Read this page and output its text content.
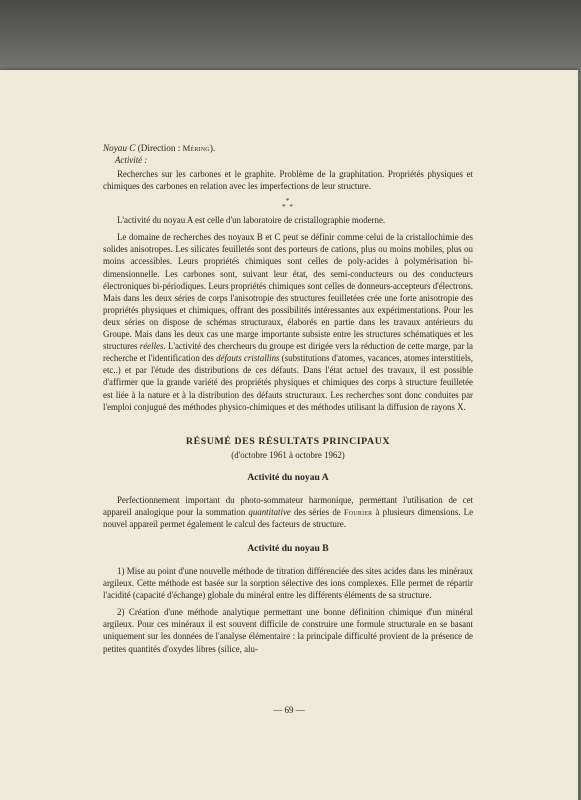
Noyau C (Direction : Méring).

Activité :

Recherches sur les carbones et le graphite. Problème de la graphitation. Propriétés physiques et chimiques des carbones en relation avec les imperfections de leur structure.

*
* *

L'activité du noyau A est celle d'un laboratoire de cristallographie moderne.

Le domaine de recherches des noyaux B et C peut se définir comme celui de la cristallochimie des solides anisotropes. Les silicates feuilletés sont des porteurs de cations, plus ou moins mobiles, plus ou moins accessibles. Leurs propriétés chimiques sont celles de poly-acides à polymérisation bi-dimensionnelle. Les carbones sont, suivant leur état, des semi-conducteurs ou des conducteurs électroniques bi-périodiques. Leurs propriétés chimiques sont celles de donneurs-accepteurs d'électrons. Mais dans les deux séries de corps l'anisotropie des structures feuilletées crée une forte anisotropie des propriétés physiques et chimiques, offrant des possibilités intéressantes aux expérimentations. Pour les deux séries on dispose de schémas structuraux, élaborés en partie dans les travaux antérieurs du Groupe. Mais dans les deux cas une marge importante subsiste entre les structures schématiques et les structures réelles. L'activité des chercheurs du groupe est dirigée vers la réduction de cette marge, par la recherche et l'identification des défauts cristallins (substitutions d'atomes, vacances, atomes interstitiels, etc..) et par l'étude des distributions de ces défauts. Dans l'état actuel des travaux, il est possible d'affirmer que la grande variété des propriétés physiques et chimiques des corps à structure feuilletée est liée à la nature et à la distribution des défauts structuraux. Les recherches sont donc conduites par l'emploi conjugué des méthodes physico-chimiques et des méthodes utilisant la diffusion de rayons X.

RÉSUMÉ DES RÉSULTATS PRINCIPAUX
(d'octobre 1961 à octobre 1962)
Activité du noyau A

Perfectionnement important du photo-sommateur harmonique, permettant l'utilisation de cet appareil analogique pour la sommation quantitative des séries de Fourier à plusieurs dimensions. Le nouvel appareil permet également le calcul des facteurs de structure.

Activité du noyau B

1) Mise au point d'une nouvelle méthode de titration différenciée des sites acides dans les minéraux argileux. Cette méthode est basée sur la sorption sélective des ions complexes. Elle permet de répartir l'acidité (capacité d'échange) globale du minéral entre les différents éléments de sa structure.

2) Création d'une méthode analytique permettant une bonne définition chimique d'un minéral argileux. Pour ces minéraux il est souvent difficile de construire une formule structurale en se basant uniquement sur les données de l'analyse élémentaire : la principale difficulté provient de la présence de petites quantités d'oxydes libres (silice, alu-

— 69 —
